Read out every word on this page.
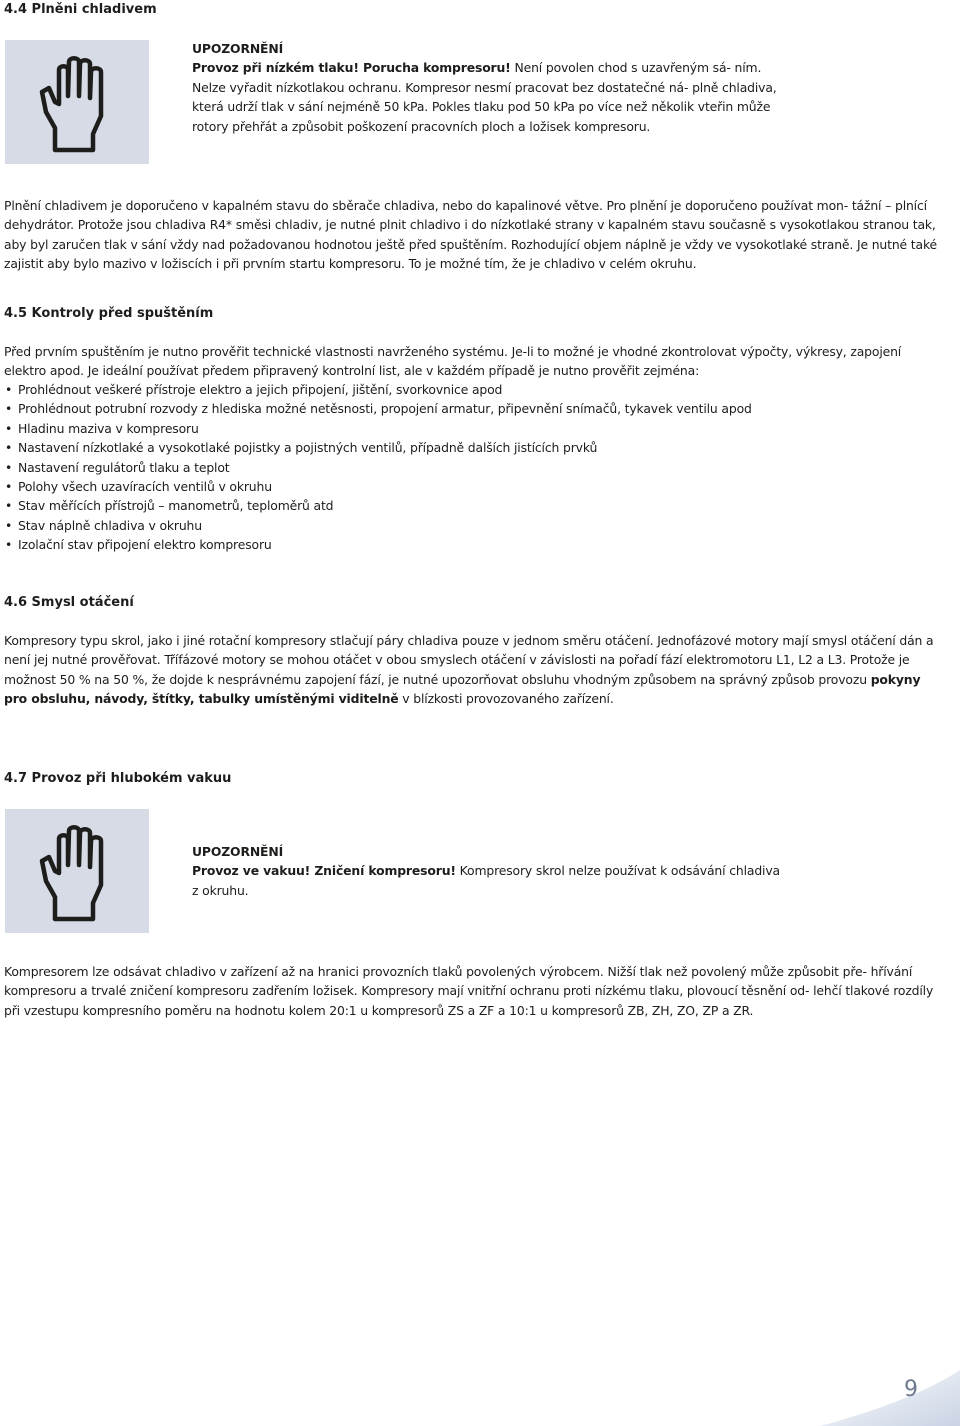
4.4 Plněni chladivem
UPOZORNĚNÍ
Provoz při nízkém tlaku! Porucha kompresoru! Není povolen chod s uzavřeným sá- ním. Nelze vyřadit nízkotlakou ochranu. Kompresor nesmí pracovat bez dostatečné ná- plně chladiva, která udrží tlak v sání nejméně 50 kPa. Pokles tlaku pod 50 kPa po více než několik vteřin může rotory přehřát a způsobit poškození pracovních ploch a ložisek kompresoru.

Plnění chladivem je doporučeno v kapalném stavu do sběrače chladiva, nebo do kapalinové větve. Pro plnění je doporučeno používat mon- tážní – plnící dehydrátor. Protože jsou chladiva R4* směsi chladiv, je nutné plnit chladivo i do nízkotlaké strany v kapalném stavu současně s vysokotlakou stranou tak, aby byl zaručen tlak v sání vždy nad požadovanou hodnotou ještě před spuštěním. Rozhodující objem náplně je vždy ve vysokotlaké straně. Je nutné také zajistit aby bylo mazivo v ložiscích i při prvním startu kompresoru. To je možné tím, že je chladivo v celém okruhu.

4.5 Kontroly před spuštěním

Před prvním spuštěním je nutno prověřit technické vlastnosti navrženého systému. Je-li to možné je vhodné zkontrolovat výpočty, výkresy, zapojení elektro apod. Je ideální používat předem připravený kontrolní list, ale v každém případě je nutno prověřit zejména:

• Prohlédnout veškeré přístroje elektro a jejich připojení, jištění, svorkovnice apod
• Prohlédnout potrubní rozvody z hlediska možné netěsnosti, propojení armatur, připevnění snímačů, tykavek ventilu apod
• Hladinu maziva v kompresoru
• Nastavení nízkotlaké a vysokotlaké pojistky a pojistných ventilů, případně dalších jistících prvků
• Nastavení regulátorů tlaku a teplot
• Polohy všech uzavíracích ventilů v okruhu
• Stav měřících přístrojů – manometrů, teploměrů atd
• Stav náplně chladiva v okruhu
• Izolační stav připojení elektro kompresoru
4.6 Smysl otáčení

Kompresory typu skrol, jako i jiné rotační kompresory stlačují páry chladiva pouze v jednom směru otáčení. Jednofázové motory mají smysl otáčení dán a není jej nutné prověřovat. Třífázové motory se mohou otáčet v obou smyslech otáčení v závislosti na pořadí fází elektromotoru L1, L2 a L3. Protože je možnost 50 % na 50 %, že dojde k nesprávnému zapojení fází, je nutné upozorňovat obsluhu vhodným způsobem na správný způsob provozu pokyny pro obsluhu, návody, štítky, tabulky umístěnými viditelně v blízkosti provozovaného zařízení.

4.7 Provoz při hlubokém vakuu
UPOZORNĚNÍ
Provoz ve vakuu! Zničení kompresoru! Kompresory skrol nelze používat k odsávání chladiva z okruhu.

Kompresorem lze odsávat chladivo v zařízení až na hranici provozních tlaků povolených výrobcem. Nižší tlak než povolený může způsobit pře- hřívání kompresoru a trvalé zničení kompresoru zadřením ložisek. Kompresory mají vnitřní ochranu proti nízkému tlaku, plovoucí těsnění od- lehčí tlakové rozdíly při vzestupu kompresního poměru na hodnotu kolem 20:1 u kompresorů ZS a ZF a 10:1 u kompresorů ZB, ZH, ZO, ZP a ZR.

9
